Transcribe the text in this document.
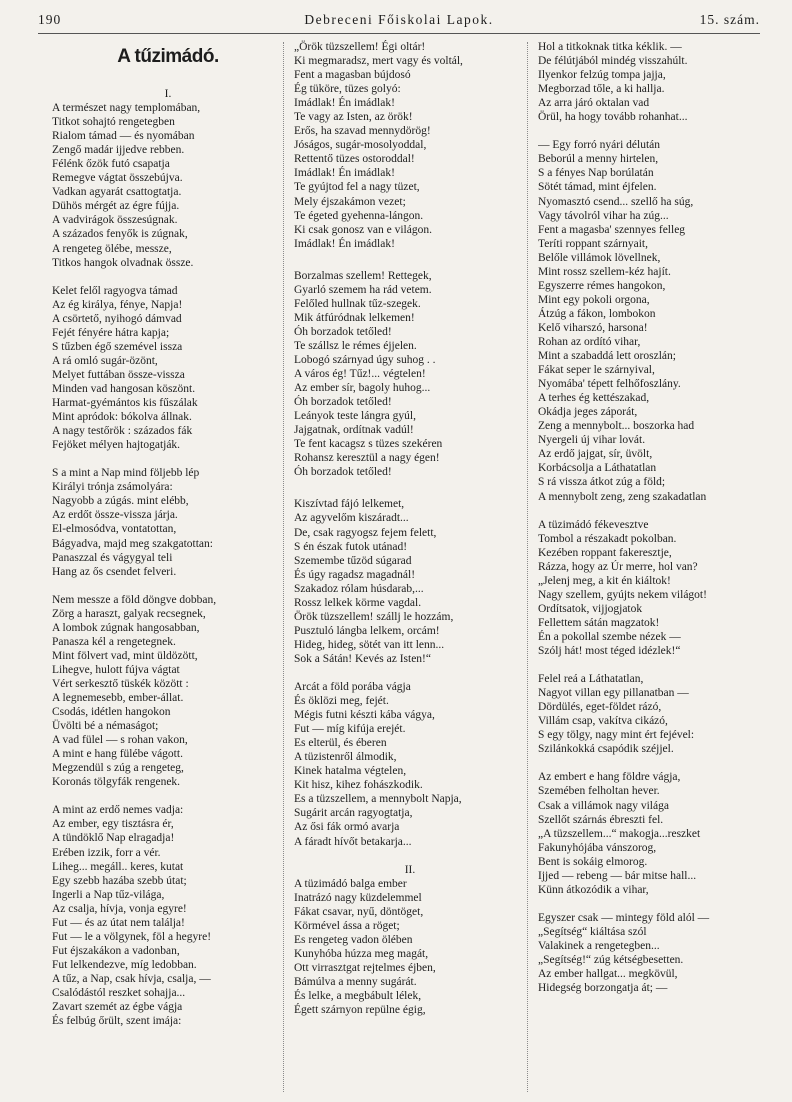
190	Debreceni Főiskolai Lapok.	15. szám.
A tűzimádó.
I.
A természet nagy templomában,
Titkot sohajtó rengetegben
Rialom támad — és nyomában
Zengő madár ijjedve rebben.
Félénk őzök futó csapatja
Remegve vágtat összebújva.
Vadkan agyarát csattogtatja.
Dühös mérgét az égre fújja.
A vadvirágok összesúgnak.
A százados fenyők is zúgnak,
A rengeteg ölébe, messze,
Titkos hangok olvadnak össze.
Kelet felől ragyogva támad
Az ég királya, fénye, Napja!
A csörtető, nyihogó dámvad
Fejét fényére hátra kapja;
S tűzben égő szemével issza
A rá omló sugár-özönt,
Melyet futtában össze-vissza
Minden vad hangosan köszönt.
Harmat-gyémántos kis fűszálak
Mint apródok: bókolva állnak.
A nagy testőrök : százados fák
Fejöket mélyen hajtogatják.
S a mint a Nap mind följebb lép
Királyi trónja zsámolyára:
Nagyobb a zúgás. mint elébb,
Az erdőt össze-vissza járja.
El-elmosódva, vontatottan,
Bágyadva, majd meg szakgatottan:
Panaszzal és vágygyal teli
Hang az ős csendet felveri.
Nem messze a föld döngve dobban,
Zörg a haraszt, galyak recsegnek,
A lombok zúgnak hangosabban,
Panasza kél a rengetegnek.
Mint fölvert vad, mint üldözött,
Lihegve, hulott fújva vágtat
Vért serkesztő tüskék között :
A legnemesebb, ember-állat.
Csodás, idétlen hangokon
Üvölti bé a némaságot;
A vad fülel — s rohan vakon,
A mint e hang fülébe vágott.
Megzendül s zúg a rengeteg,
Koronás tölgyfák rengenek.
A mint az erdő nemes vadja:
Az ember, egy tisztásra ér,
A tündöklő Nap elragadja!
Erében izzik, forr a vér.
Liheg... megáll.. keres, kutat
Egy szebb hazába szebb útat;
Ingerli a Nap tűz-világa,
Az csalja, hívja, vonja egyre!
Fut — és az útat nem találja!
Fut — le a völgynek, föl a hegyre!
Fut éjszakákon a vadonban,
Fut lelkendezve, míg ledobban.
A tűz, a Nap, csak hívja, csalja, —
Csalódástól reszket sohajja...
Zavart szemét az égbe vágja
És felbúg őrült, szent imája:
„Örök tüzszellem! Égi oltár!
Ki megmaradsz, mert vagy és voltál,
Fent a magasban bújdosó
Ég tüköre, tüzes golyó:
Imádlak! Én imádlak!
Te vagy az Isten, az örök!
Erős, ha szavad mennydörög!
Jóságos, sugár-mosolyoddal,
Rettentő tüzes ostoroddal!
Imádlak! Én imádlak!
Te gyújtod fel a nagy tüzet,
Mely éjszakámon vezet;
Te égeted gyehenna-lángon.
Ki csak gonosz van e világon.
Imádlak! Én imádlak!
Borzalmas szellem! Rettegek,
Gyarló szemem ha rád vetem.
Felőled hullnak tűz-szegek.
Mik átfúródnak lelkemen!
Óh borzadok tetőled!
Te szállsz le rémes éjjelen.
Lobogó szárnyad úgy suhog . .
A város ég! Tűz!... végtelen!
Az ember sír, bagoly huhog...
Óh borzadok tetőled!
Leányok teste lángra gyúl,
Jajgatnak, ordítnak vadúl!
Te fent kacagsz s tüzes szekéren
Rohansz keresztül a nagy égen!
Óh borzadok tetőled!
Kiszívtad fájó lelkemet,
Az agyvelőm kiszáradt...
De, csak ragyogsz fejem felett,
S én észak futok utánad!
Szemembe tűzöd súgarad
És úgy ragadsz magadnál!
Szakadoz rólam húsdarab,...
Rossz lelkek körme vagdal.
Örök tüzszellem! szállj le hozzám,
Pusztuló lángba lelkem, orcám!
Hideg, hideg, sötét van itt lenn...
Sok a Sátán! Kevés az Isten!“
Arcát a föld porába vágja
És öklözi meg, fejét.
Mégis futni készti kába vágya,
Fut — míg kifúja erejét.
Es elterül, és éberen
A tüzistenről álmodik,
Kinek hatalma végtelen,
Kit hisz, kihez fohászkodik.
Es a tüzszellem, a mennybolt Napja,
Sugárit arcán ragyogtatja,
Az ősi fák ormó avarja
A fáradt hívőt betakarja...
II.
A tüzimádó balga ember
Inatrázó nagy küzdelemmel
Fákat csavar, nyű, döntöget,
Körmével ássa a röget;
Es rengeteg vadon ölében
Kunyhóba húzza meg magát,
Ott virrasztgat rejtelmes éjben,
Bámúlva a menny sugárát.
És lelke, a megbábult lélek,
Égett szárnyon repülne égig,
Hol a titkoknak titka kéklik. —
De félútjából mindég visszahúlt.
Ilyenkor felzúg tompa jajja,
Megborzad tőle, a ki hallja.
Az arra járó oktalan vad
Örül, ha hogy tovább rohanhat...
— Egy forró nyári délután
Beborúl a menny hirtelen,
S a fényes Nap borúlatán
Sötét támad, mint éjfelen.
Nyomasztó csend... szellő ha súg,
Vagy távolról vihar ha zúg...
Fent a magasba' szennyes felleg
Teríti roppant szárnyait,
Belőle villámok lövellnek,
Mint rossz szellem-kéz hajít.
Egyszerre rémes hangokon,
Mint egy pokoli orgona,
Átzúg a fákon, lombokon
Kelő viharszó, harsona!
Rohan az ordító vihar,
Mint a szabaddá lett oroszlán;
Fákat seper le szárnyival,
Nyomába' tépett felhőfoszlány.
A terhes ég kettészakad,
Okádja jeges záporát,
Zeng a mennybolt... boszorka had
Nyergeli új vihar lovát.
Az erdő jajgat, sír, üvölt,
Korbácsolja a Láthatatlan
S rá vissza átkot zúg a föld;
A mennybolt zeng, zeng szakadatlan
A tüzimádó fékevesztve
Tombol a részakadt pokolban.
Kezében roppant fakeresztje,
Rázza, hogy az Úr merre, hol van?
„Jelenj meg, a kit én kiáltok!
Nagy szellem, gyújts nekem világot!
Ordítsatok, vijjogjatok
Fellettem sátán magzatok!
Én a pokollal szembe nézek —
Szólj hát! most téged idézlek!“
Felel reá a Láthatatlan,
Nagyot villan egy pillanatban —
Dördülés, eget-földet rázó,
Villám csap, vakítva cikázó,
S egy tölgy, nagy mint ért fejével:
Szilánkokká csapódik széjjel.
Az embert e hang földre vágja,
Szemében felholtan hever.
Csak a villámok nagy világa
Szellőt szárnás ébreszti fel.
„A tüzszellem...“ makogja...reszket
Fakunyhójába vánszorog,
Bent is sokáig elmorog.
Ijjed — rebeng — bár mitse hall...
Künn átkozódik a vihar,
Egyszer csak — mintegy föld alól —
„Segítség“ kiáltása szól
Valakinek a rengetegben...
„Segítség!“ zúg kétségbesetten.
Az ember hallgat... megkövül,
Hidegség borzongatja át; —
